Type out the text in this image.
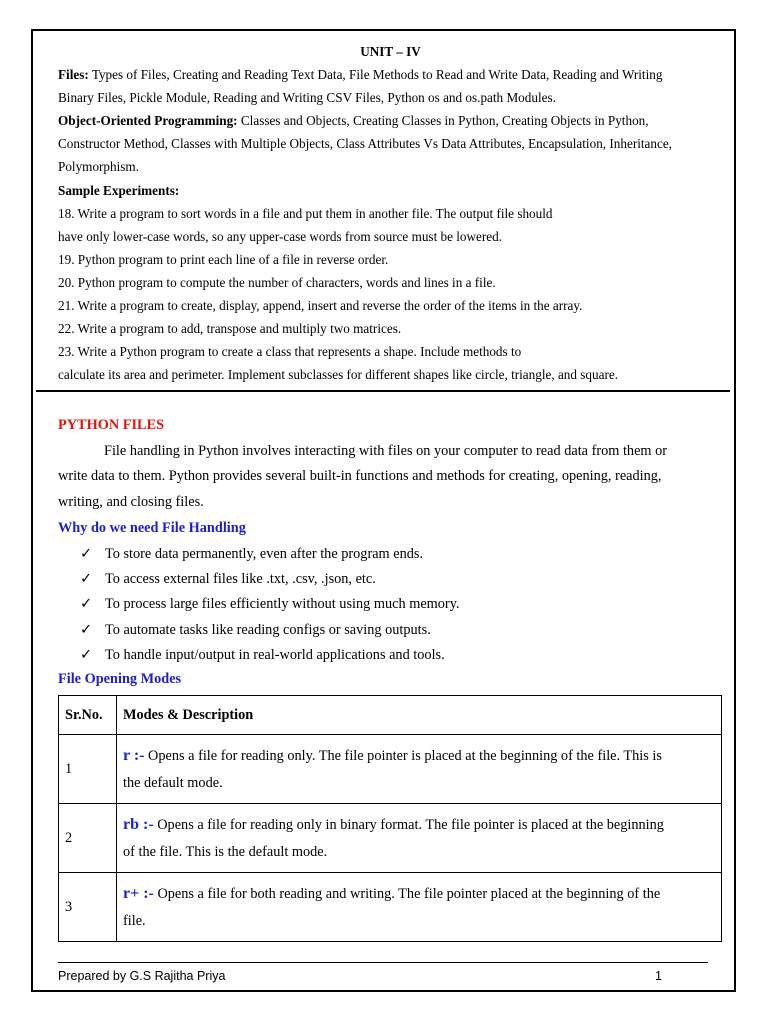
UNIT – IV
Files: Types of Files, Creating and Reading Text Data, File Methods to Read and Write Data, Reading and Writing
Binary Files, Pickle Module, Reading and Writing CSV Files, Python os and os.path Modules.
Object-Oriented Programming: Classes and Objects, Creating Classes in Python, Creating Objects in Python,
Constructor Method, Classes with Multiple Objects, Class Attributes Vs Data Attributes, Encapsulation, Inheritance,
Polymorphism.
Sample Experiments:
18. Write a program to sort words in a file and put them in another file. The output file should
have only lower-case words, so any upper-case words from source must be lowered.
19. Python program to print each line of a file in reverse order.
20. Python program to compute the number of characters, words and lines in a file.
21. Write a program to create, display, append, insert and reverse the order of the items in the array.
22. Write a program to add, transpose and multiply two matrices.
23. Write a Python program to create a class that represents a shape. Include methods to
calculate its area and perimeter. Implement subclasses for different shapes like circle, triangle, and square.
PYTHON FILES
File handling in Python involves interacting with files on your computer to read data from them or
write data to them. Python provides several built-in functions and methods for creating, opening, reading,
writing, and closing files.
Why do we need File Handling
✓ To store data permanently, even after the program ends.
✓ To access external files like .txt, .csv, .json, etc.
✓ To process large files efficiently without using much memory.
✓ To automate tasks like reading configs or saving outputs.
✓ To handle input/output in real-world applications and tools.
File Opening Modes
Sr.No.	Modes & Description
1	r :- Opens a file for reading only. The file pointer is placed at the beginning of the file. This is
the default mode.

2	rb :- Opens a file for reading only in binary format. The file pointer is placed at the beginning
of the file. This is the default mode.

3	r+ :- Opens a file for both reading and writing. The file pointer placed at the beginning of the
file.
Prepared by G.S Rajitha Priya	1
